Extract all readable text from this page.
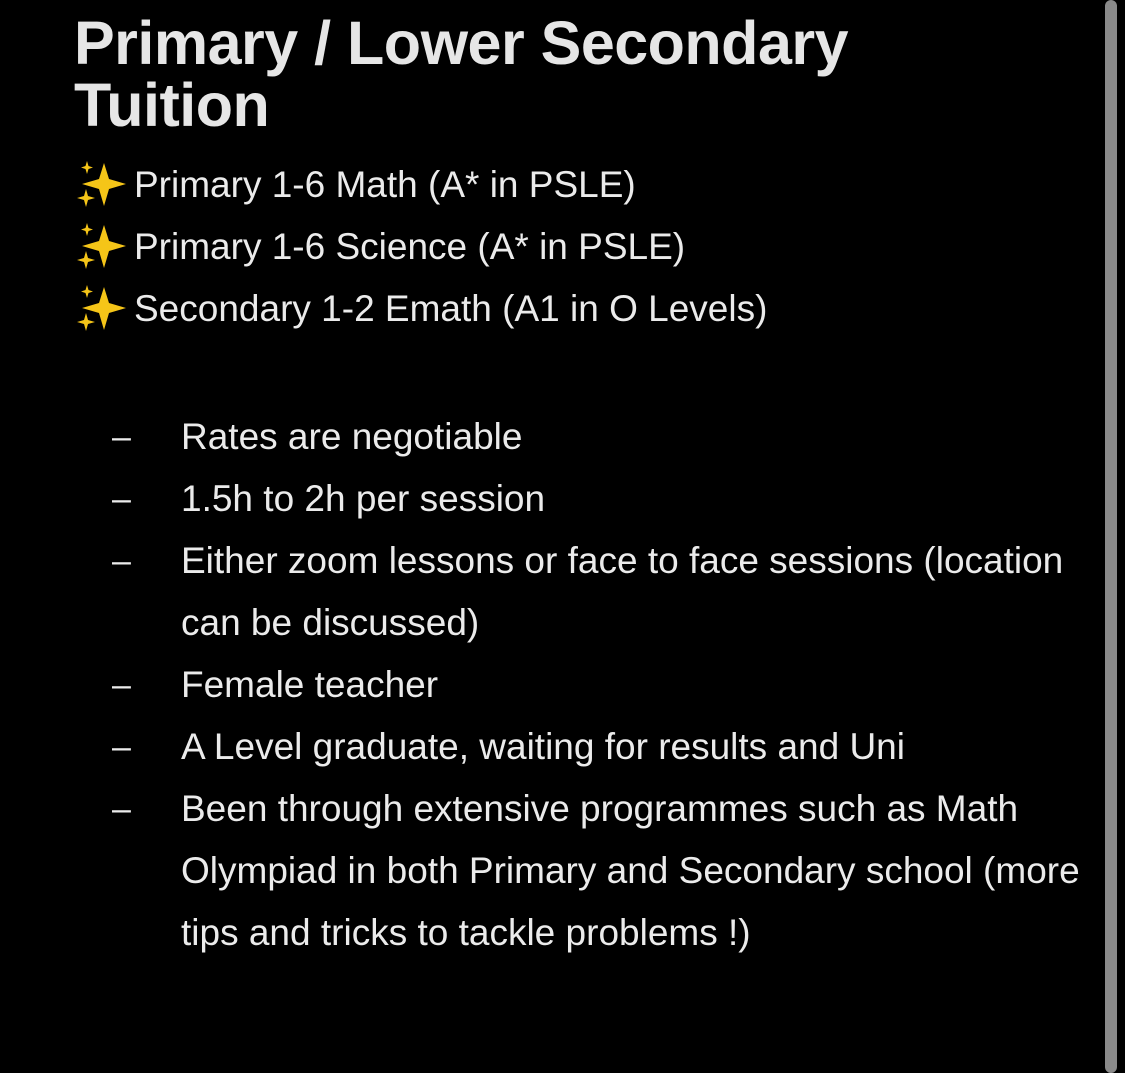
Primary / Lower Secondary
Tuition
Primary 1-6 Math (A* in PSLE)
Primary 1-6 Science (A* in PSLE)
Secondary 1-2 Emath (A1 in O Levels)
– Rates are negotiable
– 1.5h to 2h per session
– Either zoom lessons or face to face sessions (location can be discussed)
– Female teacher
– A Level graduate, waiting for results and Uni
– Been through extensive programmes such as Math Olympiad in both Primary and Secondary school (more tips and tricks to tackle problems !)
